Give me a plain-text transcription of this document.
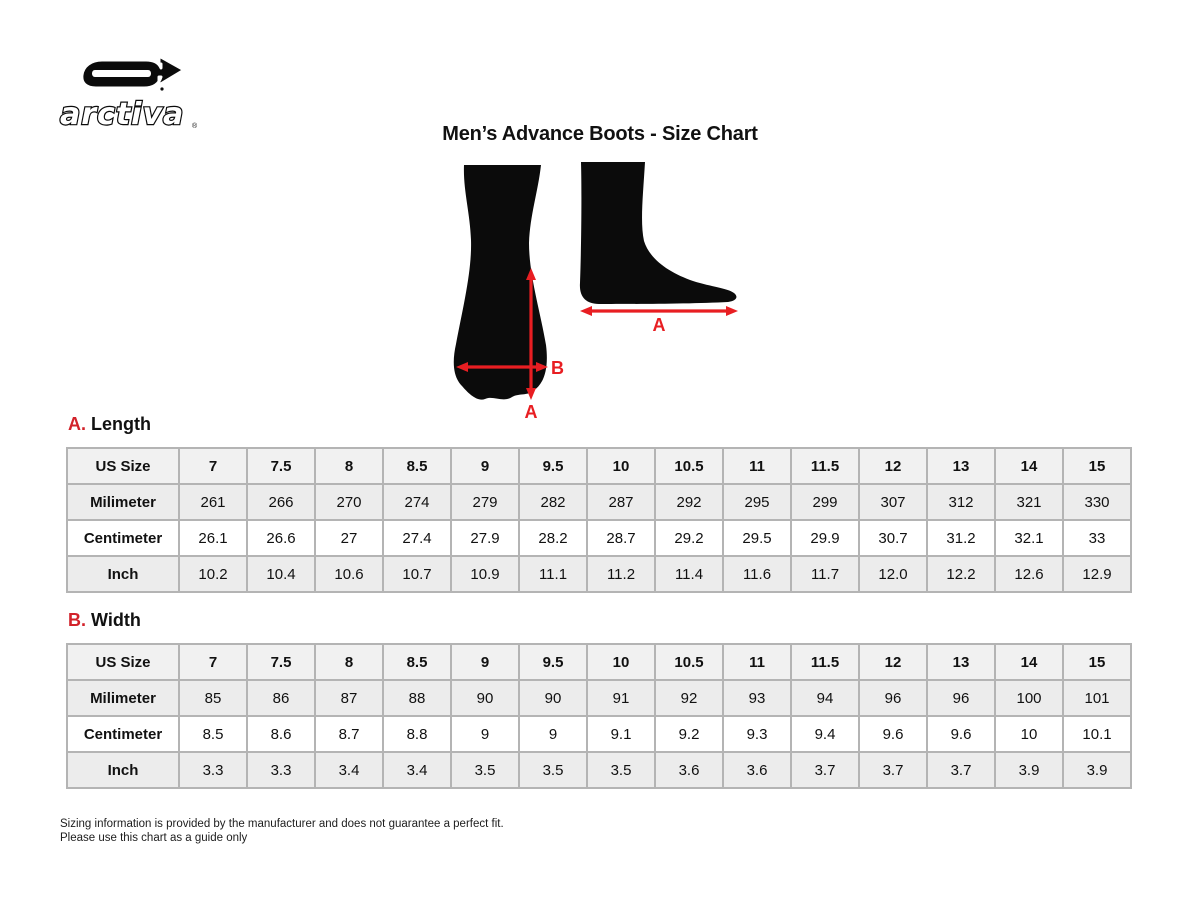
arctiva ®	Men’s Advance Boots - Size Chart
B
A
A
A. Length
US Size	7	7.5	8	8.5	9	9.5	10	10.5	11	11.5	12	13	14	15
Milimeter	261	266	270	274	279	282	287	292	295	299	307	312	321	330
Centimeter	26.1	26.6	27	27.4	27.9	28.2	28.7	29.2	29.5	29.9	30.7	31.2	32.1	33
Inch	10.2	10.4	10.6	10.7	10.9	11.1	11.2	11.4	11.6	11.7	12.0	12.2	12.6	12.9
B. Width
US Size	7	7.5	8	8.5	9	9.5	10	10.5	11	11.5	12	13	14	15
Milimeter	85	86	87	88	90	90	91	92	93	94	96	96	100	101
Centimeter	8.5	8.6	8.7	8.8	9	9	9.1	9.2	9.3	9.4	9.6	9.6	10	10.1
Inch	3.3	3.3	3.4	3.4	3.5	3.5	3.5	3.6	3.6	3.7	3.7	3.7	3.9	3.9
Sizing information is provided by the manufacturer and does not guarantee a perfect fit.
Please use this chart as a guide only
